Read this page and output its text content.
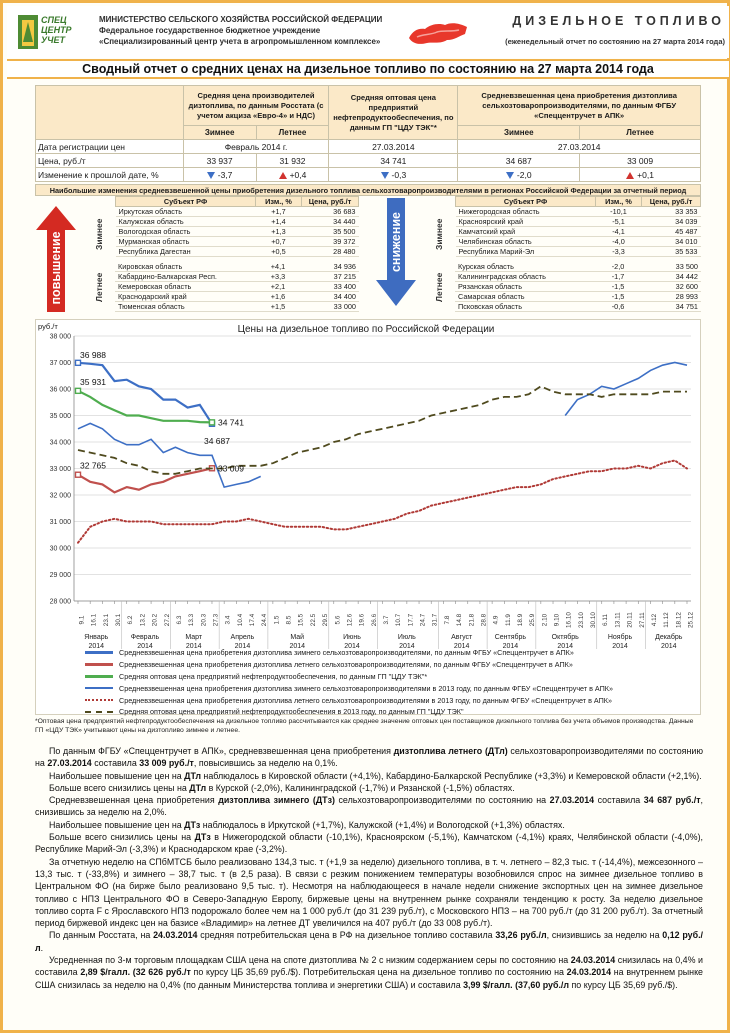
СПЕЦ
ЦЕНТР
УЧЕТ
МИНИСТЕРСТВО СЕЛЬСКОГО ХОЗЯЙСТВА РОССИЙСКОЙ ФЕДЕРАЦИИ
Федеральное государственное бюджетное учреждение
«Специализированный центр учета в агропромышленном комплексе»
ДИЗЕЛЬНОЕ ТОПЛИВО
(еженедельный отчет по состоянию на 27 марта 2014 года)
Сводный отчет о средних ценах на дизельное топливо по состоянию на 27 марта 2014 года
	Средняя цена производителей дизтоплива, по данным Росстата (с учетом акциза «Евро-4» и НДС)		Средняя оптовая цена предприятий нефтепродуктообеспечения, по данным ГП "ЦДУ ТЭК"*	Средневзвешенная цена приобретения дизтоплива сельхозтоваропроизводителями, по данным ФГБУ «Спеццентручет в АПК»	
	Зимнее	Летнее		Зимнее	Летнее
Дата регистрации цен	Февраль 2014 г.		27.03.2014	27.03.2014	
Цена, руб./т	33 937	31 932	34 741	34 687	33 009
Изменение к прошлой дате, %	-3,7	+0,4	-0,3	-2,0	+0,1
Наибольшие изменения средневзвешенной цены приобретения дизельного топлива сельхозтоваропроизводителями в регионах Российской Федерации за отчетный период
повышение	снижение
Зимнее
Летнее
Зимнее
Летнее
Субъект РФ	Изм., %	Цена, руб./т
Иркутская область	+1,7	36 683
Калужская область	+1,4	34 440
Вологодская область	+1,3	35 500
Мурманская область	+0,7	39 372
Республика Дагестан	+0,5	28 480
Кировская область	+4,1	34 936
Кабардино-Балкарская Респ.	+3,3	37 215
Кемеровская область	+2,1	33 400
Краснодарский край	+1,6	34 400
Тюменская область	+1,5	33 000
Субъект РФ	Изм., %	Цена, руб./т
Нижегородская область	-10,1	33 353
Красноярский край	-5,1	34 039
Камчатский край	-4,1	45 487
Челябинская область	-4,0	34 010
Республика Марий-Эл	-3,3	35 533
Курская область	-2,0	33 500
Калининградская область	-1,7	34 442
Рязанская область	-1,5	32 600
Самарская область	-1,5	28 993
Псковская область	-0,6	34 751
Цены на дизельное топливо по Российской Федерации
руб./т
28 000
29 000
30 000
31 000
32 000
33 000
34 000
35 000
36 000
37 000
38 000
9.1 16.1 23.1 30.1 6.2 13.2 20.2 27.2 6.3 13.3 20.3 27.3 3.4 10.4 17.4 24.4 1.5 8.5 15.5 22.5 29.5 5.6 12.6 19.6 26.6 3.7 10.7 17.7 24.7 31.7 7.8 14.8 21.8 28.8 4.9 11.9 18.9 25.9 2.10 9.10 16.10 23.10 30.10 6.11 13.11 20.11 27.11 4.12 11.12 18.12 25.12
Январь 2014
Февраль 2014
Март 2014
Апрель 2014
Май 2014
Июнь 2014
Июль 2014
Август 2014
Сентябрь 2014
Октябрь 2014
Ноябрь 2014
Декабрь 2014
36 988
35 931
32 765
34 741
34 687
33 009
Средневзвешенная цена приобретения дизтоплива зимнего сельхозтоваропроизводителями, по данным ФГБУ «Спеццентручет в АПК»
Средневзвешенная цена приобретения дизтоплива летнего сельхозтоваропроизводителями, по данным ФГБУ «Спеццентручет в АПК»
Средняя оптовая цена предприятий нефтепродуктообеспечения, по данным ГП "ЦДУ ТЭК"*
Средневзвешенная цена приобретения дизтоплива зимнего сельхозтоваропроизводителями в 2013 году, по данным ФГБУ «Спеццентручет в АПК»
Средневзвешенная цена приобретения дизтоплива летнего сельхозтоваропроизводителями в 2013 году, по данным ФГБУ «Спеццентручет в АПК»
Средняя оптовая цена предприятий нефтепродуктообеспечения в 2013 году, по данным ГП "ЦДУ ТЭК"
*Оптовая цена предприятий нефтепродуктообеспечения на дизельное топливо рассчитывается как среднее значение оптовых цен поставщиков дизельного топлива без учета объемов производства. Данные ГП «ЦДУ ТЭК» учитывают цены на дизтопливо зимнее и летнее.

По данным ФГБУ «Спеццентручет в АПК», средневзвешенная цена приобретения дизтоплива летнего (ДТл) сельхозтоваропроизводителями по состоянию на 27.03.2014 составила 33 009 руб./т, повысившись за неделю на 0,1%.

Наибольшее повышение цен на ДТл наблюдалось в Кировской области (+4,1%), Кабардино-Балкарской Республике (+3,3%) и Кемеровской области (+2,1%).

Больше всего снизились цены на ДТл в Курской (-2,0%), Калининградской (-1,7%) и Рязанской (-1,5%) областях.

Средневзвешенная цена приобретения дизтоплива зимнего (ДТз) сельхозтоваропроизводителями по состоянию на 27.03.2014 составила 34 687 руб./т, снизившись за неделю на 2,0%.

Наибольшее повышение цен на ДТз наблюдалось в Иркутской (+1,7%), Калужской (+1,4%) и Вологодской (+1,3%) областях.

Больше всего снизились цены на ДТз в Нижегородской области (-10,1%), Красноярском (-5,1%), Камчатском (-4,1%) краях, Челябинской области (-4,0%), Республике Марий-Эл (-3,3%) и Краснодарском крае (-3,2%).

За отчетную неделю на СПбМТСБ было реализовано 134,3 тыс. т (+1,9 за неделю) дизельного топлива, в т. ч. летнего – 82,3 тыс. т (-14,4%), межсезонного – 13,3 тыс. т (-33,8%) и зимнего – 38,7 тыс. т (в 2,5 раза). В связи с резким понижением температуры возобновился спрос на зимнее дизельное топливо в Центральном ФО (на бирже было реализовано 9,5 тыс. т). Несмотря на наблюдающееся в начале недели снижение экспортных цен на зимнее дизельное топливо с НПЗ Центрального ФО в Северо-Западную Европу, биржевые цены на внутреннем рынке сохраняли тенденцию к росту. За неделю дизельное топливо сорта F с Ярославского НПЗ подорожало более чем на 1 000 руб./т (до 31 239 руб./т), с Московского НПЗ – на 700 руб./т (до 31 200 руб./т). За отчетный период биржевой индекс цен на базисе «Владимир» на летнее ДТ увеличился на 407 руб./т (до 33 008 руб./т).

По данным Росстата, на 24.03.2014 средняя потребительская цена в РФ на дизельное топливо составила 33,26 руб./л, снизившись за неделю на 0,12 руб./л.

Усредненная по 3-м торговым площадкам США цена на споте дизтоплива № 2 с низким содержанием серы по состоянию на 24.03.2014 снизилась на 0,4% и составила 2,89 $/галл. (32 626 руб./т по курсу ЦБ 35,69 руб./$). Потребительская цена на дизельное топливо по состоянию на 24.03.2014 на внутреннем рынке США снизилась за неделю на 0,4% (по данным Министерства топлива и энергетики США) и составила 3,99 $/галл. (37,60 руб./л по курсу ЦБ 35,69 руб./$).
